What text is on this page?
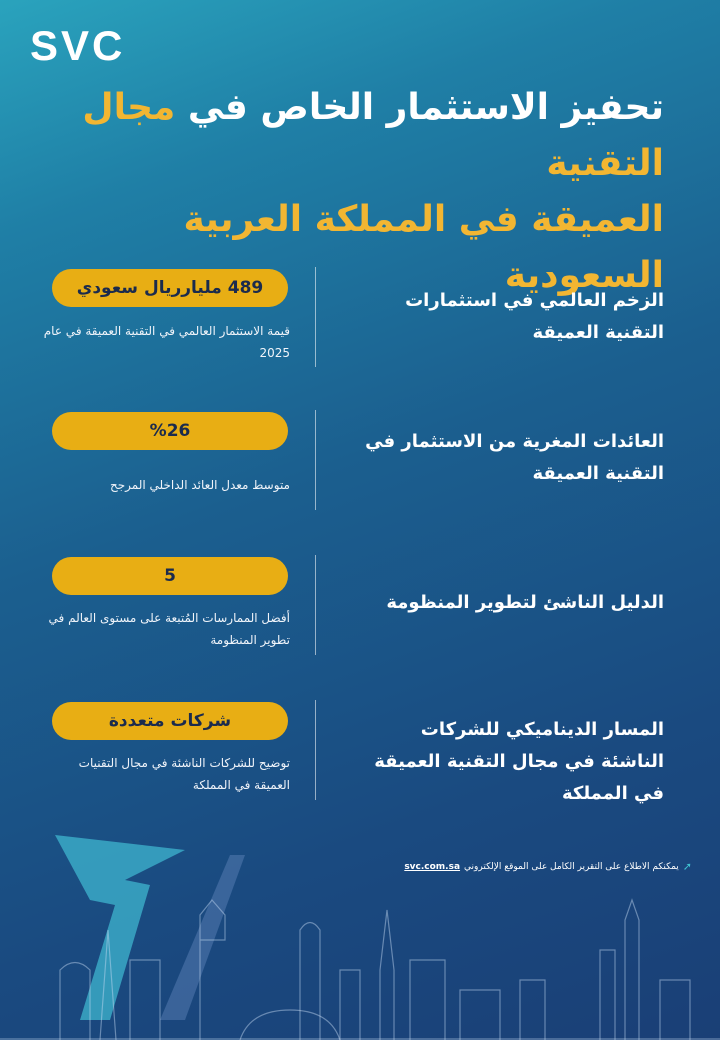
SVC
تحفيز الاستثمار الخاص في مجال التقنية
العميقة في المملكة العربية السعودية
الزخم العالمي في استثمارات التقنية العميقة
489 مليارريال سعودي
قيمة الاستثمار العالمي في التقنية العميقة في عام 2025
العائدات المغرية من الاستثمار في التقنية العميقة
%26
متوسط معدل العائد الداخلي المرجح
الدليل الناشئ لتطوير المنظومة
5
أفضل الممارسات المُتبعة على مستوى العالم في تطوير المنظومة
المسار الديناميكي للشركات الناشئة في مجال التقنية العميقة في المملكة
شركات متعددة
توضيح للشركات الناشئة في مجال التقنيات العميقة في المملكة
➚
يمكنكم الاطلاع على التقرير الكامل على الموقع الإلكتروني
svc.com.sa
